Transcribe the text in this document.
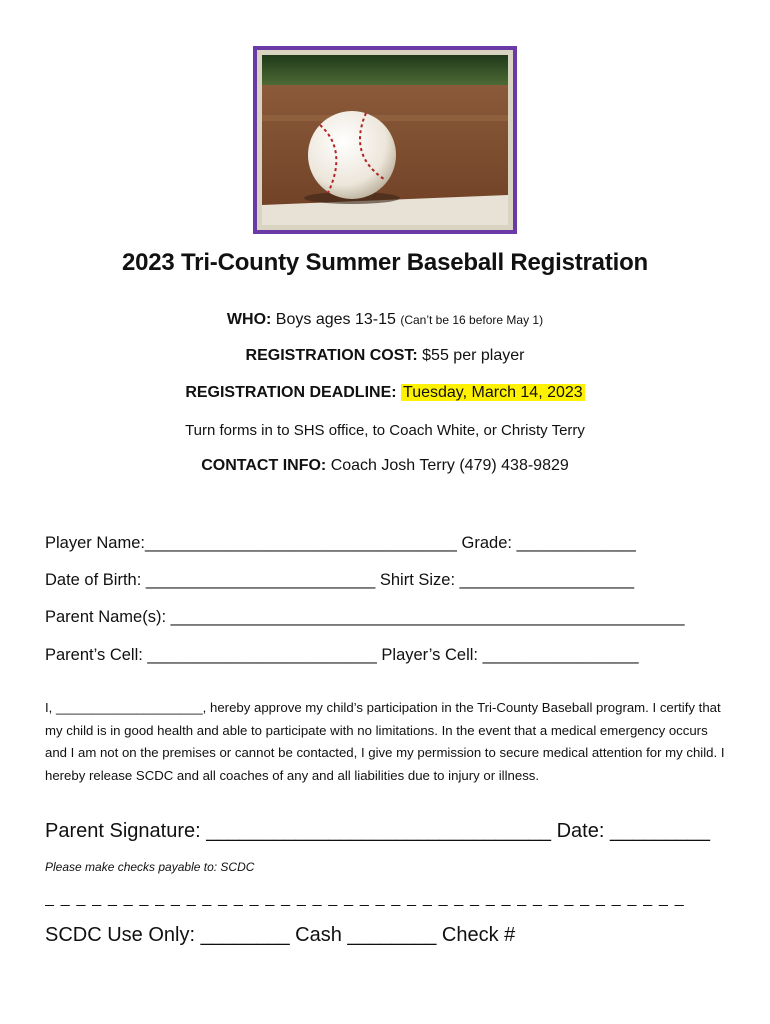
2023 Tri-County Summer Baseball Registration
WHO: Boys ages 13-15 (Can’t be 16 before May 1)
REGISTRATION COST: $55 per player
REGISTRATION DEADLINE: Tuesday, March 14, 2023
Turn forms in to SHS office, to Coach White, or Christy Terry
CONTACT INFO: Coach Josh Terry (479) 438-9829
Player Name:__________________________________ Grade: _____________
Date of Birth: _________________________ Shirt Size: ___________________
Parent Name(s): ________________________________________________________
Parent’s Cell: _________________________ Player’s Cell: _________________
I, ____________________, hereby approve my child’s participation in the Tri-County Baseball program. I certify that my child is in good health and able to participate with no limitations. In the event that a medical emergency occurs and I am not on the premises or cannot be contacted, I give my permission to secure medical attention for my child. I hereby release SCDC and all coaches of any and all liabilities due to injury or illness.
Parent Signature: _______________________________ Date: _________
Please make checks payable to: SCDC
_ _ _ _ _ _ _ _ _ _ _ _ _ _ _ _ _ _ _ _ _ _ _ _ _ _ _ _ _ _ _ _ _ _ _ _ _ _ _ _ _
SCDC Use Only: ________ Cash ________ Check #
